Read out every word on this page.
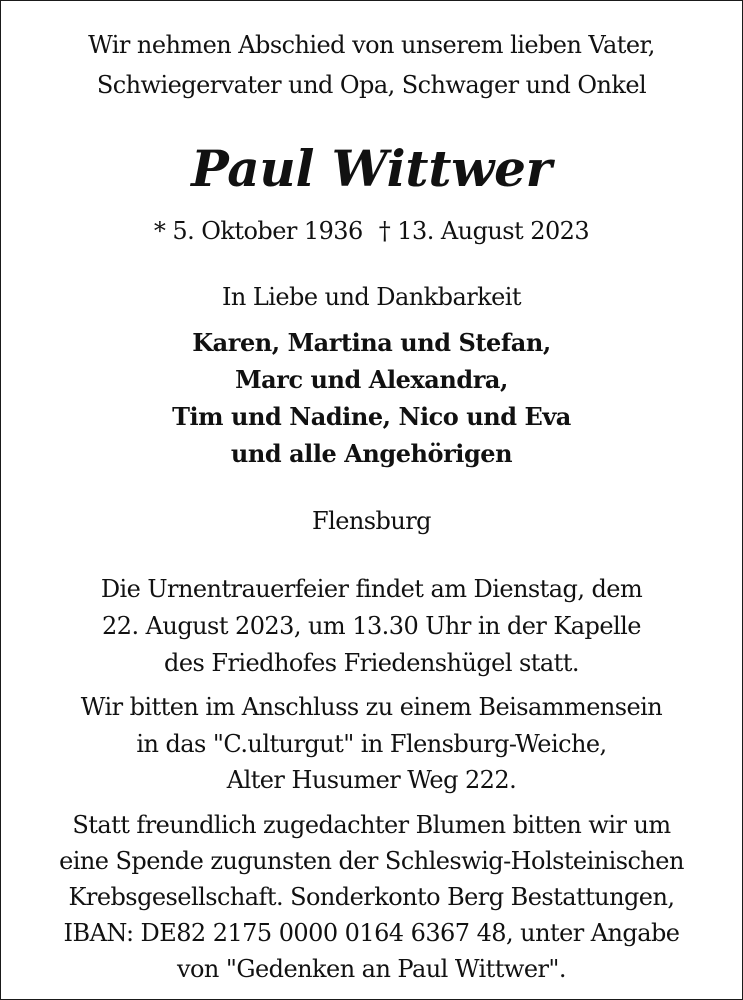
Wir nehmen Abschied von unserem lieben Vater,
Schwiegervater und Opa, Schwager und Onkel
Paul Wittwer
* 5. Oktober 1936 † 13. August 2023
In Liebe und Dankbarkeit
Karen, Martina und Stefan,
Marc und Alexandra,
Tim und Nadine, Nico und Eva
und alle Angehörigen
Flensburg
Die Urnentrauerfeier findet am Dienstag, dem
22. August 2023, um 13.30 Uhr in der Kapelle
des Friedhofes Friedenshügel statt.
Wir bitten im Anschluss zu einem Beisammensein
in das "C.ulturgut" in Flensburg-Weiche,
Alter Husumer Weg 222.
Statt freundlich zugedachter Blumen bitten wir um
eine Spende zugunsten der Schleswig-Holsteinischen
Krebsgesellschaft. Sonderkonto Berg Bestattungen,
IBAN: DE82 2175 0000 0164 6367 48, unter Angabe
von "Gedenken an Paul Wittwer".
